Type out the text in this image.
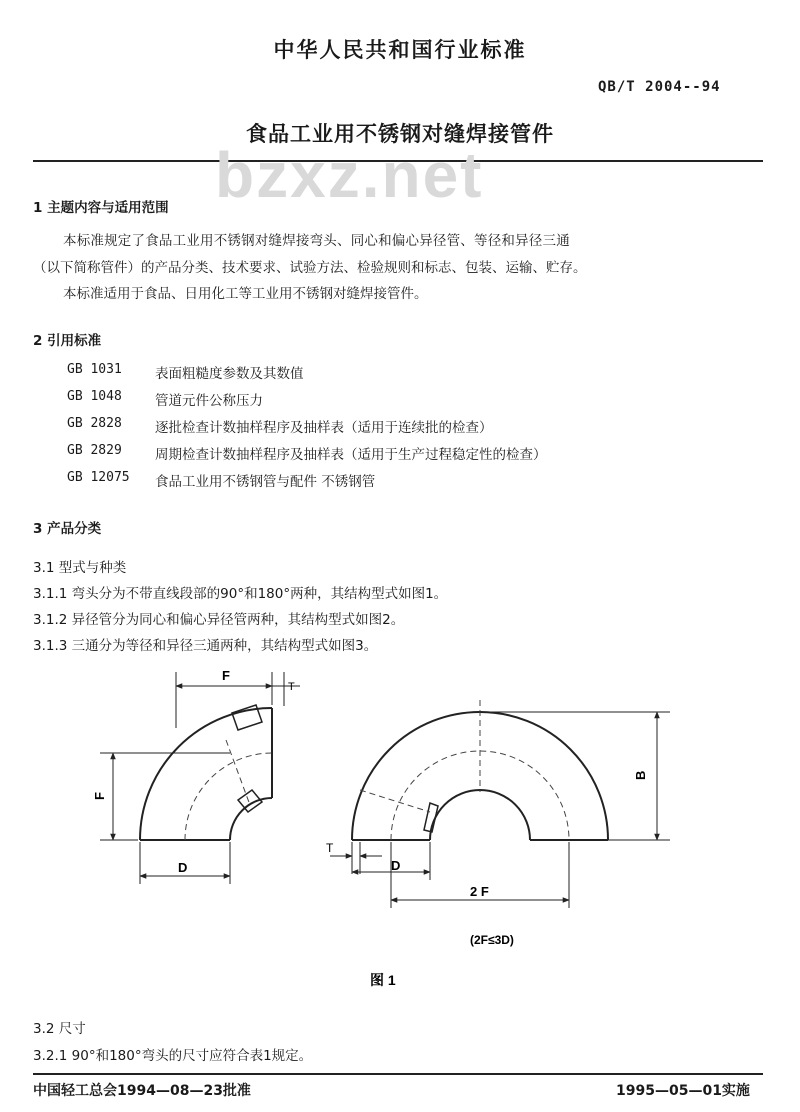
中华人民共和国行业标准
QB/T 2004--94
食品工业用不锈钢对缝焊接管件
bzxz.net
1 主题内容与适用范围
本标准规定了食品工业用不锈钢对缝焊接弯头、同心和偏心异径管、等径和异径三通
（以下简称管件）的产品分类、技术要求、试验方法、检验规则和标志、包装、运输、贮存。
本标准适用于食品、日用化工等工业用不锈钢对缝焊接管件。
2 引用标准
GB 1031 表面粗糙度参数及其数值
GB 1048 管道元件公称压力
GB 2828 逐批检查计数抽样程序及抽样表（适用于连续批的检查）
GB 2829 周期检查计数抽样程序及抽样表（适用于生产过程稳定性的检查）
GB 12075 食品工业用不锈钢管与配件 不锈钢管
3 产品分类
3.1 型式与种类
3.1.1 弯头分为不带直线段部的90°和180°两种，其结构型式如图1。
3.1.2 异径管分为同心和偏心异径管两种，其结构型式如图2。
3.1.3 三通分为等径和异径三通两种，其结构型式如图3。
F
T
F
D
B
T
D
2 F
(2F≤3D)
图 1
3.2 尺寸
3.2.1 90°和180°弯头的尺寸应符合表1规定。
中国轻工总会1994—08—23批准	1995—05—01实施
